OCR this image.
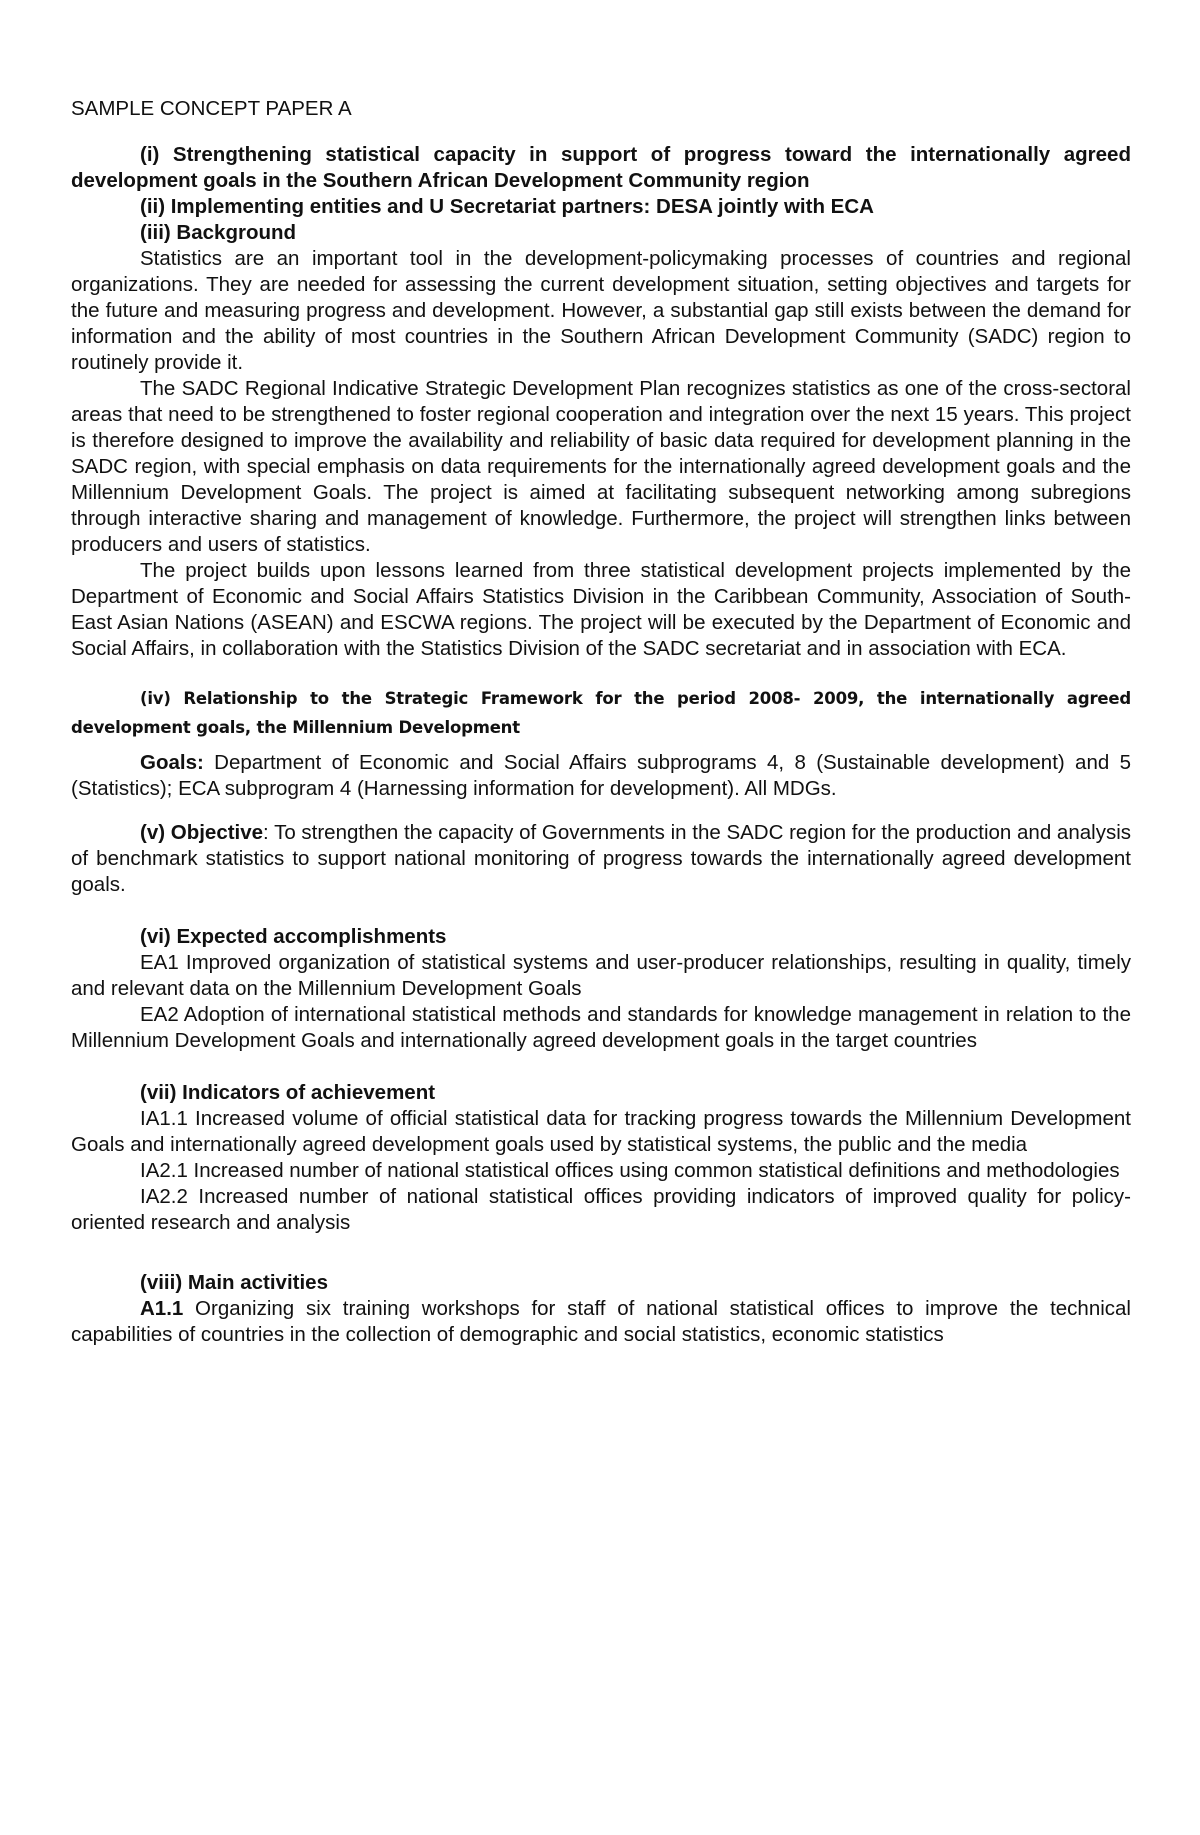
SAMPLE CONCEPT PAPER A

(i) Strengthening statistical capacity in support of progress toward the internationally agreed development goals in the Southern African Development Community region

(ii) Implementing entities and U Secretariat partners: DESA jointly with ECA

(iii) Background

Statistics are an important tool in the development-policymaking processes of countries and regional organizations. They are needed for assessing the current development situation, setting objectives and targets for the future and measuring progress and development. However, a substantial gap still exists between the demand for information and the ability of most countries in the Southern African Development Community (SADC) region to routinely provide it.

The SADC Regional Indicative Strategic Development Plan recognizes statistics as one of the cross-sectoral areas that need to be strengthened to foster regional cooperation and integration over the next 15 years. This project is therefore designed to improve the availability and reliability of basic data required for development planning in the SADC region, with special emphasis on data requirements for the internationally agreed development goals and the Millennium Development Goals. The project is aimed at facilitating subsequent networking among subregions through interactive sharing and management of knowledge. Furthermore, the project will strengthen links between producers and users of statistics.

The project builds upon lessons learned from three statistical development projects implemented by the Department of Economic and Social Affairs Statistics Division in the Caribbean Community, Association of South-East Asian Nations (ASEAN) and ESCWA regions. The project will be executed by the Department of Economic and Social Affairs, in collaboration with the Statistics Division of the SADC secretariat and in association with ECA.

(iv) Relationship to the Strategic Framework for the period 2008- 2009, the internationally agreed development goals, the Millennium Development

Goals: Department of Economic and Social Affairs subprograms 4, 8 (Sustainable development) and 5 (Statistics); ECA subprogram 4 (Harnessing information for development). All MDGs.

(v) Objective: To strengthen the capacity of Governments in the SADC region for the production and analysis of benchmark statistics to support national monitoring of progress towards the internationally agreed development goals.

(vi) Expected accomplishments

EA1 Improved organization of statistical systems and user-producer relationships, resulting in quality, timely and relevant data on the Millennium Development Goals

EA2 Adoption of international statistical methods and standards for knowledge management in relation to the Millennium Development Goals and internationally agreed development goals in the target countries

(vii) Indicators of achievement

IA1.1 Increased volume of official statistical data for tracking progress towards the Millennium Development Goals and internationally agreed development goals used by statistical systems, the public and the media

IA2.1 Increased number of national statistical offices using common statistical definitions and methodologies

IA2.2 Increased number of national statistical offices providing indicators of improved quality for policy-oriented research and analysis

(viii) Main activities

A1.1 Organizing six training workshops for staff of national statistical offices to improve the technical capabilities of countries in the collection of demographic and social statistics, economic statistics
